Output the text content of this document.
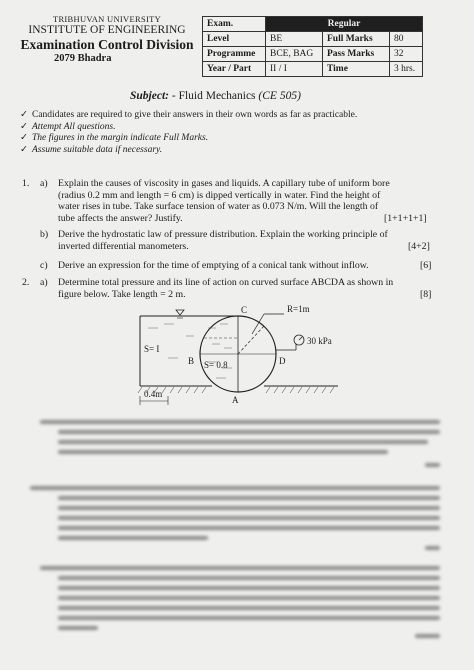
TRIBHUVAN UNIVERSITY
INSTITUTE OF ENGINEERING
Examination Control Division
2079 Bhadra
Exam.	Regular		
Level	BE	Full Marks	80
Programme	BCE, BAG	Pass Marks	32
Year / Part	II / I	Time	3 hrs.
Subject: - Fluid Mechanics (CE 505)
✓ Candidates are required to give their answers in their own words as far as practicable.
✓ Attempt All questions.
✓ The figures in the margin indicate Full Marks.
✓ Assume suitable data if necessary.
1. a) Explain the causes of viscosity in gases and liquids. A capillary tube of uniform bore
(radius 0.2 mm and length = 6 cm) is dipped vertically in water. Find the height of
water rises in tube. Take surface tension of water as 0.073 N/m. Will the length of
tube affects the answer? Justify.	[1+1+1+1]
b) Derive the hydrostatic law of pressure distribution. Explain the working principle of
inverted differential manometers.	[4+2]
c) Derive an expression for the time of emptying of a conical tank without inflow.	[6]
2. a) Determine total pressure and its line of action on curved surface ABCDA as shown in
figure below. Take length = 2 m.	[8]
R=1m
30 kPa
S= I
S= 0.8
C
B	D
A
0.4m
